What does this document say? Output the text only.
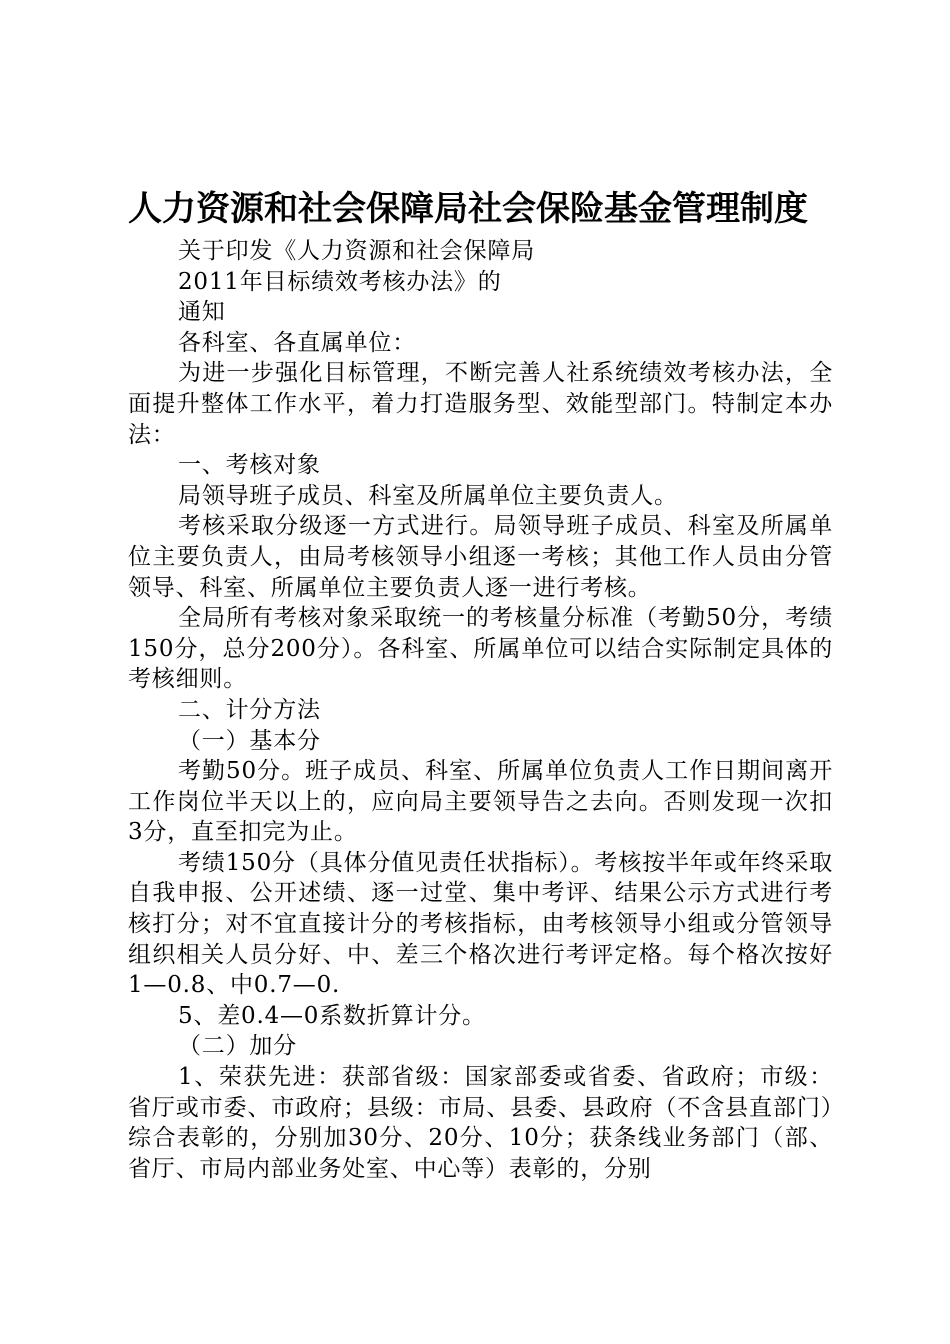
人力资源和社会保障局社会保险基金管理制度

关于印发《人力资源和社会保障局

2011年目标绩效考核办法》的

通知

各科室、各直属单位：

为进一步强化目标管理，不断完善人社系统绩效考核办法，全面提升整体工作水平，着力打造服务型、效能型部门。特制定本办法：

一、考核对象

局领导班子成员、科室及所属单位主要负责人。

考核采取分级逐一方式进行。局领导班子成员、科室及所属单位主要负责人，由局考核领导小组逐一考核；其他工作人员由分管领导、科室、所属单位主要负责人逐一进行考核。

全局所有考核对象采取统一的考核量分标准（考勤50分，考绩150分，总分200分）。各科室、所属单位可以结合实际制定具体的考核细则。

二、计分方法

（一）基本分

考勤50分。班子成员、科室、所属单位负责人工作日期间离开工作岗位半天以上的，应向局主要领导告之去向。否则发现一次扣3分，直至扣完为止。

考绩150分（具体分值见责任状指标）。考核按半年或年终采取自我申报、公开述绩、逐一过堂、集中考评、结果公示方式进行考核打分；对不宜直接计分的考核指标，由考核领导小组或分管领导组织相关人员分好、中、差三个格次进行考评定格。每个格次按好1—0.8、中0.7—0.

5、差0.4—0系数折算计分。

（二）加分

1、荣获先进：获部省级：国家部委或省委、省政府；市级：省厅或市委、市政府；县级：市局、县委、县政府（不含县直部门）综合表彰的，分别加30分、20分、10分；获条线业务部门（部、省厅、市局内部业务处室、中心等）表彰的，分别
